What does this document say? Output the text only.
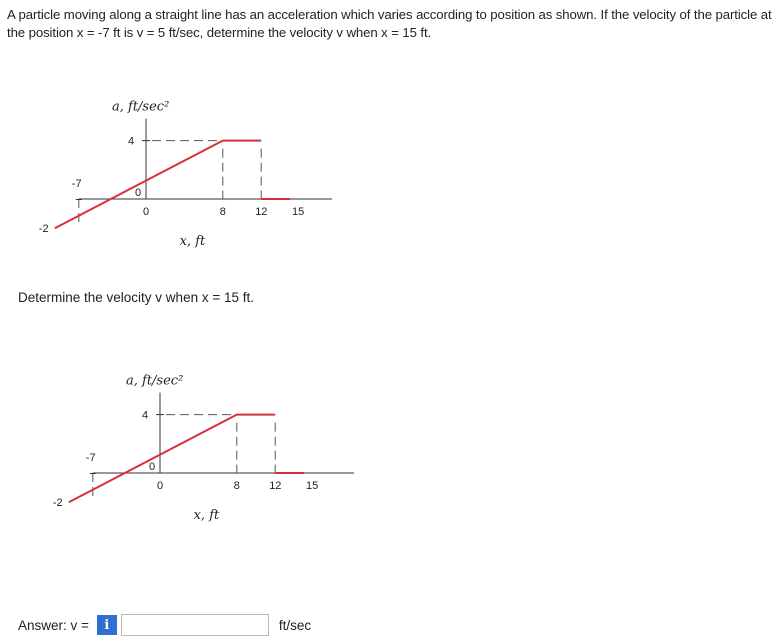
A particle moving along a straight line has an acceleration which varies according to position as shown. If the velocity of the particle at
the position x = -7 ft is v = 5 ft/sec, determine the velocity v when x = 15 ft.
a, ft/sec²
x, ft
4
0
-2
-7
0	8	12 15
Determine the velocity v when x = 15 ft.
a, ft/sec²
x, ft
4
0
-2
-7
0	8	12 15
Answer: v =	i	ft/sec
